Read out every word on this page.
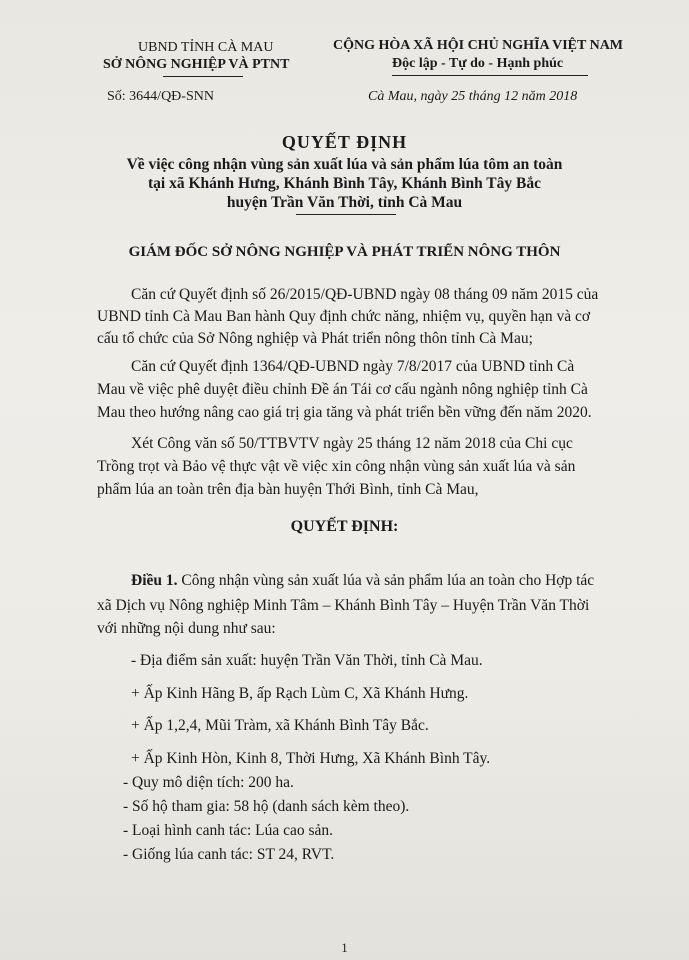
UBND TỈNH CÀ MAU
SỞ NÔNG NGHIỆP VÀ PTNT
Số: 3644/QĐ-SNN
CỘNG HÒA XÃ HỘI CHỦ NGHĨA VIỆT NAM
Độc lập - Tự do - Hạnh phúc
Cà Mau, ngày 25 tháng 12 năm 2018
QUYẾT ĐỊNH
Về việc công nhận vùng sản xuất lúa và sản phẩm lúa tôm an toàn
tại xã Khánh Hưng, Khánh Bình Tây, Khánh Bình Tây Bắc
huyện Trần Văn Thời, tỉnh Cà Mau
GIÁM ĐỐC SỞ NÔNG NGHIỆP VÀ PHÁT TRIỂN NÔNG THÔN
Căn cứ Quyết định số 26/2015/QĐ-UBND ngày 08 tháng 09 năm 2015 của
UBND tỉnh Cà Mau Ban hành Quy định chức năng, nhiệm vụ, quyền hạn và cơ
cấu tổ chức của Sở Nông nghiệp và Phát triển nông thôn tỉnh Cà Mau;
Căn cứ Quyết định 1364/QĐ-UBND ngày 7/8/2017 của UBND tỉnh Cà
Mau về việc phê duyệt điều chỉnh Đề án Tái cơ cấu ngành nông nghiệp tỉnh Cà
Mau theo hướng nâng cao giá trị gia tăng và phát triển bền vững đến năm 2020.
Xét Công văn số 50/TTBVTV ngày 25 tháng 12 năm 2018 của Chi cục
Trồng trọt và Bảo vệ thực vật về việc xin công nhận vùng sản xuất lúa và sản
phẩm lúa an toàn trên địa bàn huyện Thới Bình, tỉnh Cà Mau,
QUYẾT ĐỊNH:
Điều 1. Công nhận vùng sản xuất lúa và sản phẩm lúa an toàn cho Hợp tác
xã Dịch vụ Nông nghiệp Minh Tâm – Khánh Bình Tây – Huyện Trần Văn Thời
với những nội dung như sau:
- Địa điểm sản xuất: huyện Trần Văn Thời, tỉnh Cà Mau.
+ Ấp Kinh Hãng B, ấp Rạch Lùm C, Xã Khánh Hưng.
+ Ấp 1,2,4, Mũi Tràm, xã Khánh Bình Tây Bắc.
+ Ấp Kinh Hòn, Kinh 8, Thời Hưng, Xã Khánh Bình Tây.
- Quy mô diện tích: 200 ha.
- Số hộ tham gia: 58 hộ (danh sách kèm theo).
- Loại hình canh tác: Lúa cao sản.
- Giống lúa canh tác: ST 24, RVT.
1
